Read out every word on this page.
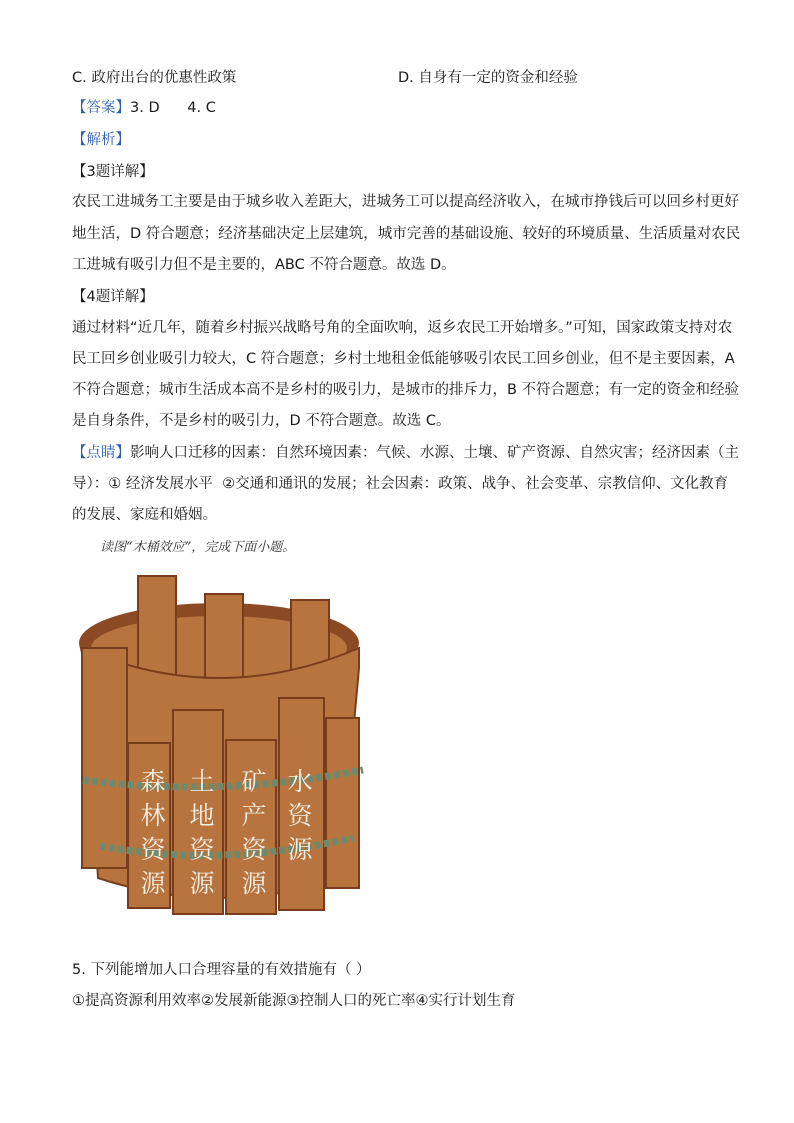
C. 政府出台的优惠性政策	D. 自身有一定的资金和经验
【答案】3. D      4. C
【解析】
【3题详解】
农民工进城务工主要是由于城乡收入差距大，进城务工可以提高经济收入，在城市挣钱后可以回乡村更好
地生活，D 符合题意；经济基础决定上层建筑，城市完善的基础设施、较好的环境质量、生活质量对农民
工进城有吸引力但不是主要的，ABC 不符合题意。故选 D。
【4题详解】
通过材料“近几年，随着乡村振兴战略号角的全面吹响，返乡农民工开始增多。”可知，国家政策支持对农
民工回乡创业吸引力较大，C 符合题意；乡村土地租金低能够吸引农民工回乡创业，但不是主要因素，A
不符合题意；城市生活成本高不是乡村的吸引力，是城市的排斥力，B 不符合题意；有一定的资金和经验
是自身条件，不是乡村的吸引力，D 不符合题意。故选 C。
【点睛】影响人口迁移的因素：自然环境因素：气候、水源、土壤、矿产资源、自然灾害；经济因素（主
导）：① 经济发展水平  ②交通和通讯的发展；社会因素：政策、战争、社会变革、宗教信仰、文化教育
的发展、家庭和婚姻。
读图“木桶效应”，完成下面小题。
森林资源
土地资源
矿产资源
水资源
5. 下列能增加人口合理容量的有效措施有（ ）
①提高资源利用效率②发展新能源③控制人口的死亡率④实行计划生育
